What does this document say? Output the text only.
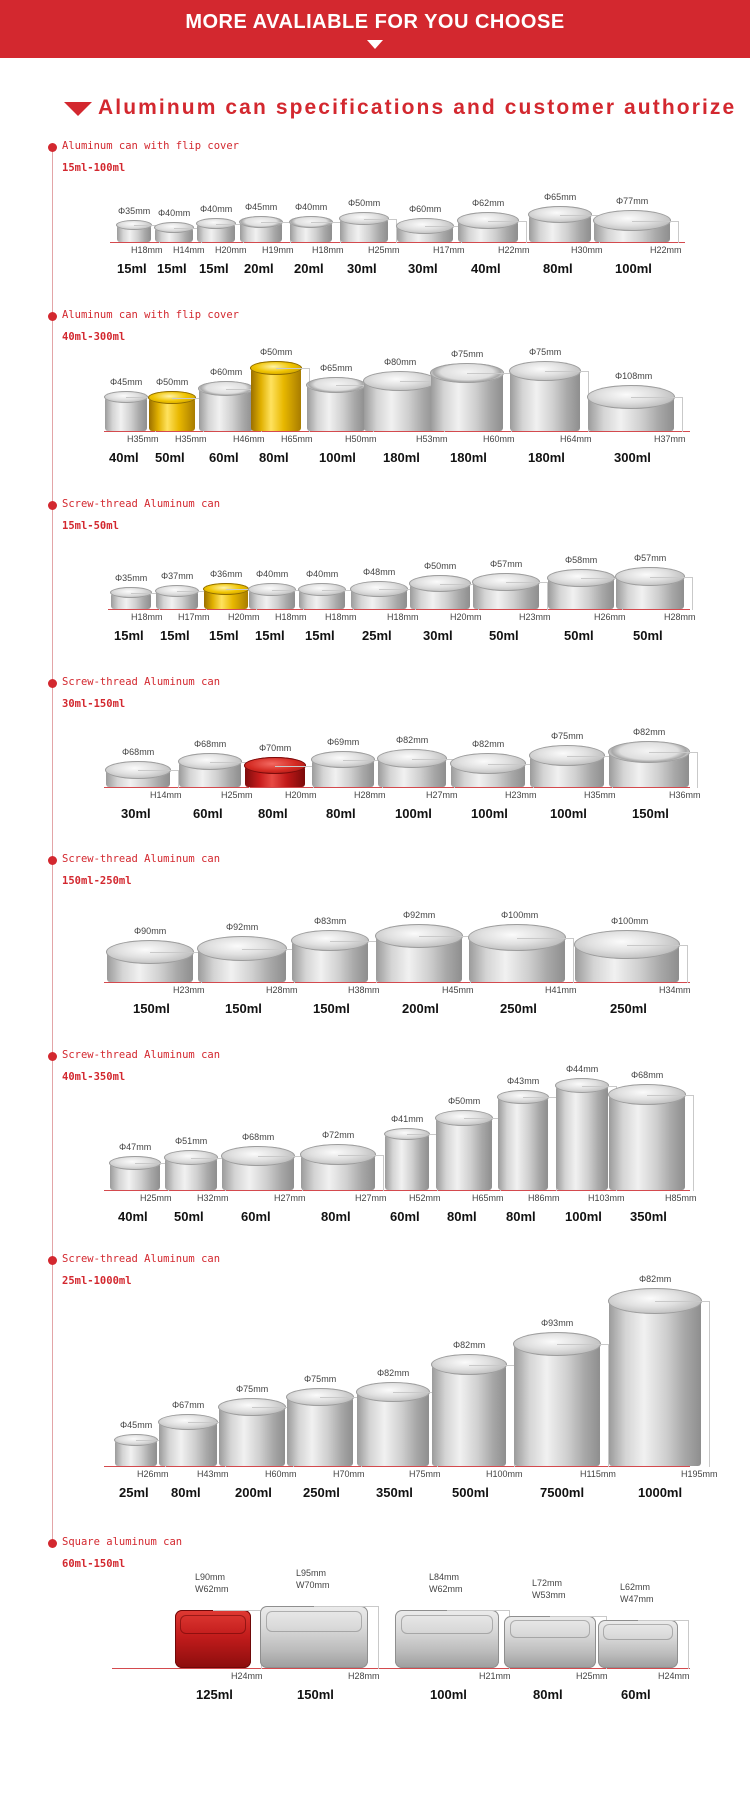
MORE AVALIABLE FOR YOU CHOOSE
Aluminum can specifications and customer authorize
Aluminum can with flip cover
15ml-100ml
Φ35mm
H18mm
15ml
Φ40mm
H14mm
15ml
Φ40mm
H20mm
15ml
Φ45mm
H19mm
20ml
Φ40mm
H18mm
20ml
Φ50mm
H25mm
30ml
Φ60mm
H17mm
30ml
Φ62mm
H22mm
40ml
Φ65mm
H30mm
80ml
Φ77mm
H22mm
100ml
Aluminum can with flip cover
40ml-300ml
Φ45mm
H35mm
40ml
Φ50mm
H35mm
50ml
Φ60mm
H46mm
60ml
Φ50mm
H65mm
80ml
Φ65mm
H50mm
100ml
Φ80mm
H53mm
180ml
Φ75mm
H60mm
180ml
Φ75mm
H64mm
180ml
Φ108mm
H37mm
300ml
Screw-thread Aluminum can
15ml-50ml
Φ35mm
H18mm
15ml
Φ37mm
H17mm
15ml
Φ36mm
H20mm
15ml
Φ40mm
H18mm
15ml
Φ40mm
H18mm
15ml
Φ48mm
H18mm
25ml
Φ50mm
H20mm
30ml
Φ57mm
H23mm
50ml
Φ58mm
H26mm
50ml
Φ57mm
H28mm
50ml
Screw-thread Aluminum can
30ml-150ml
Φ68mm
H14mm
30ml
Φ68mm
H25mm
60ml
Φ70mm
H20mm
80ml
Φ69mm
H28mm
80ml
Φ82mm
H27mm
100ml
Φ82mm
H23mm
100ml
Φ75mm
H35mm
100ml
Φ82mm
H36mm
150ml
Screw-thread Aluminum can
150ml-250ml
Φ90mm
H23mm
150ml
Φ92mm
H28mm
150ml
Φ83mm
H38mm
150ml
Φ92mm
H45mm
200ml
Φ100mm
H41mm
250ml
Φ100mm
H34mm
250ml
Screw-thread Aluminum can
40ml-350ml
Φ47mm
H25mm
40ml
Φ51mm
H32mm
50ml
Φ68mm
H27mm
60ml
Φ72mm
H27mm
80ml
Φ41mm
H52mm
60ml
Φ50mm
H65mm
80ml
Φ43mm
H86mm
80ml
Φ44mm
H103mm
100ml
Φ68mm
H85mm
350ml
Screw-thread Aluminum can
25ml-1000ml
Φ45mm
H26mm
25ml
Φ67mm
H43mm
80ml
Φ75mm
H60mm
200ml
Φ75mm
H70mm
250ml
Φ82mm
H75mm
350ml
Φ82mm
H100mm
500ml
Φ93mm
H115mm
7500ml
Φ82mm
H195mm
1000ml
Square aluminum can
60ml-150ml
L90mm
W62mm
H24mm
125ml
L95mm
W70mm
H28mm
150ml
L84mm
W62mm
H21mm
100ml
L72mm
W53mm
H25mm
80ml
L62mm
W47mm
H24mm
60ml
